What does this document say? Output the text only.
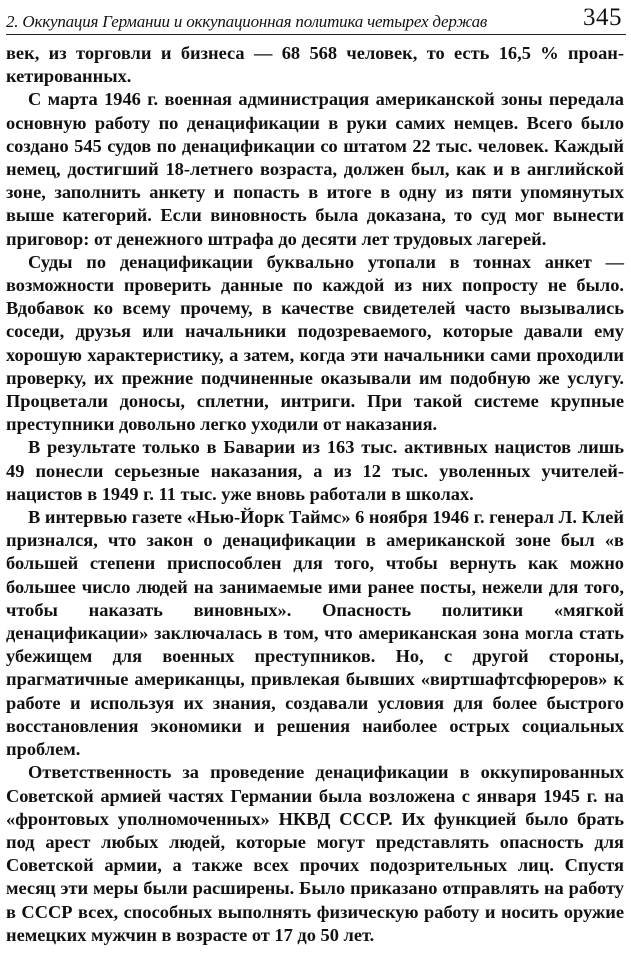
2. Оккупация Германии и оккупационная политика четырех держав	345

век, из торговли и бизнеса — 68 568 человек, то есть 16,5 % проанкетированных.

С марта 1946 г. военная администрация американской зоны передала основную работу по денацификации в руки самих немцев. Всего было создано 545 судов по денацификации со штатом 22 тыс. человек. Каждый немец, достигший 18-летнего возраста, должен был, как и в английской зоне, заполнить анкету и попасть в итоге в одну из пяти упомянутых выше категорий. Если виновность была доказана, то суд мог вынести приговор: от денежного штрафа до десяти лет трудовых лагерей.

Суды по денацификации буквально утопали в тоннах анкет — возможности проверить данные по каждой из них попросту не было. Вдобавок ко всему прочему, в качестве свидетелей часто вызывались соседи, друзья или начальники подозреваемого, которые давали ему хорошую характеристику, а затем, когда эти начальники сами проходили проверку, их прежние подчиненные оказывали им подобную же услугу. Процветали доносы, сплетни, интриги. При такой системе крупные преступники довольно легко уходили от наказания.

В результате только в Баварии из 163 тыс. активных нацистов лишь 49 понесли серьезные наказания, а из 12 тыс. уволенных учителей-нацистов в 1949 г. 11 тыс. уже вновь работали в школах.

В интервью газете «Нью-Йорк Таймс» 6 ноября 1946 г. генерал Л. Клей признался, что закон о денацификации в американской зоне был «в большей степени приспособлен для того, чтобы вернуть как можно большее число людей на занимаемые ими ранее посты, нежели для того, чтобы наказать виновных». Опасность политики «мягкой денацификации» заключалась в том, что американская зона могла стать убежищем для военных преступников. Но, с другой стороны, прагматичные американцы, привлекая бывших «виртшафтсфюреров» к работе и используя их знания, создавали условия для более быстрого восстановления экономики и решения наиболее острых социальных проблем.

Ответственность за проведение денацификации в оккупированных Советской армией частях Германии была возложена с января 1945 г. на «фронтовых уполномоченных» НКВД СССР. Их функцией было брать под арест любых людей, которые могут представлять опасность для Советской армии, а также всех прочих подозрительных лиц. Спустя месяц эти меры были расширены. Было приказано отправлять на работу в СССР всех, способных выполнять физическую работу и носить оружие немецких мужчин в возрасте от 17 до 50 лет.
